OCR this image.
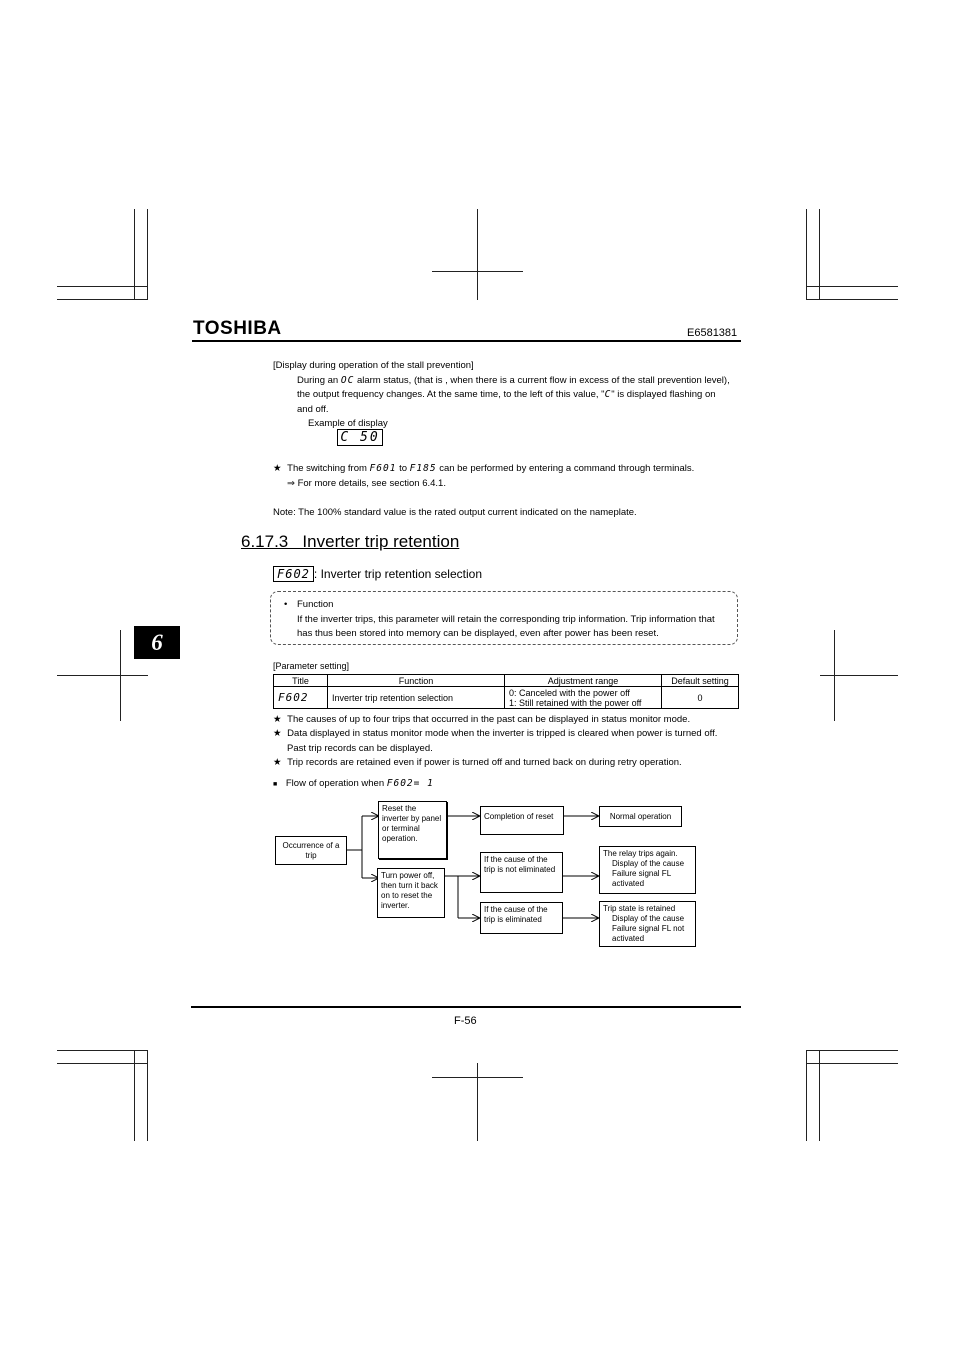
TOSHIBA	E6581381
[Display during operation of the stall prevention]
During an OC alarm status, (that is , when there is a current flow in excess of the stall prevention level),
the output frequency changes. At the same time, to the left of this value, "C" is displayed flashing on
and off.
Example of display
C 50
★ The switching from F601 to F185 can be performed by entering a command through terminals.
⇒ For more details, see section 6.4.1.
Note: The 100% standard value is the rated output current indicated on the nameplate.
6.17.3   Inverter trip retention
F602 : Inverter trip retention selection
• Function
If the inverter trips, this parameter will retain the corresponding trip information. Trip information that
has thus been stored into memory can be displayed, even after power has been reset.
6
[Parameter setting]
Title	Function	Adjustment range	Default setting
F602	Inverter trip retention selection	0: Canceled with the power off
1: Still retained with the power off	0
★ The causes of up to four trips that occurred in the past can be displayed in status monitor mode.
★ Data displayed in status monitor mode when the inverter is tripped is cleared when power is turned off.
Past trip records can be displayed.
★ Trip records are retained even if power is turned off and turned back on during retry operation.
■ Flow of operation when F602= 1
Occurrence of a trip
Reset the inverter by panel or terminal operation.
Turn power off, then turn it back on to reset the inverter.
Completion of reset	Normal operation
If the cause of the trip is not eliminated
If the cause of the trip is eliminated
The relay trips again.
Display of the cause
Failure signal FL
activated
Trip state is retained
Display of the cause
Failure signal FL not
activated
F-56
